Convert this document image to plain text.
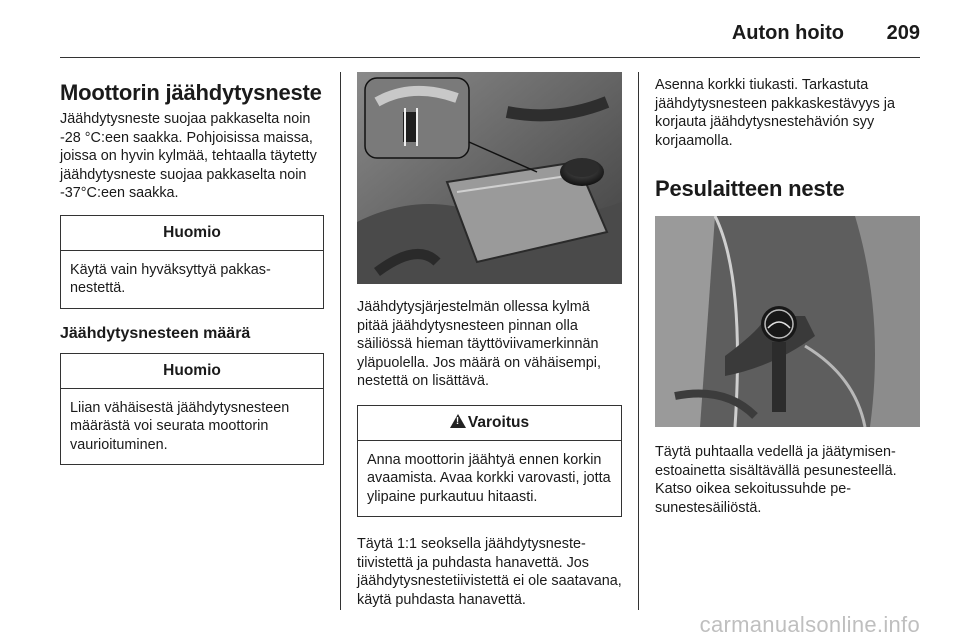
Auton hoito 209
Moottorin jäähdytysneste

Jäähdytysneste suojaa pakkaselta noin -28 °C:een saakka. Pohjoisissa maissa, joissa on hyvin kylmää, tehtaalla täytetty jäähdytysneste suojaa pakkaselta noin -37°C:een saakka.

Huomio
Käytä vain hyväksyttyä pakkasnestettä.
Jäähdytysnesteen määrä
Huomio
Liian vähäisestä jäähdytysnesteen määrästä voi seurata moottorin vaurioituminen.

Jäähdytysjärjestelmän ollessa kylmä pitää jäähdytysnesteen pinnan olla säiliössä hieman täyttöviivamerkinnän yläpuolella. Jos määrä on vähäisempi, nestettä on lisättävä.

!Varoitus
Anna moottorin jäähtyä ennen korkin avaamista. Avaa korkki varovasti, jotta ylipaine purkautuu hitaasti.

Täytä 1:1 seoksella jäähdytysnestetiivistettä ja puhdasta hanavettä. Jos jäähdytysnestetiivistettä ei ole saatavana, käytä puhdasta hanavettä.

Asenna korkki tiukasti. Tarkastuta jäähdytysnesteen pakkaskestävyys ja korjauta jäähdytysnestehävión syy korjaamolla.

Pesulaitteen neste

Täytä puhtaalla vedellä ja jäätymisenestoainetta sisältävällä pesunesteellä. Katso oikea sekoitussuhde pesunestesäiliöstä.

carmanualsonline.info
